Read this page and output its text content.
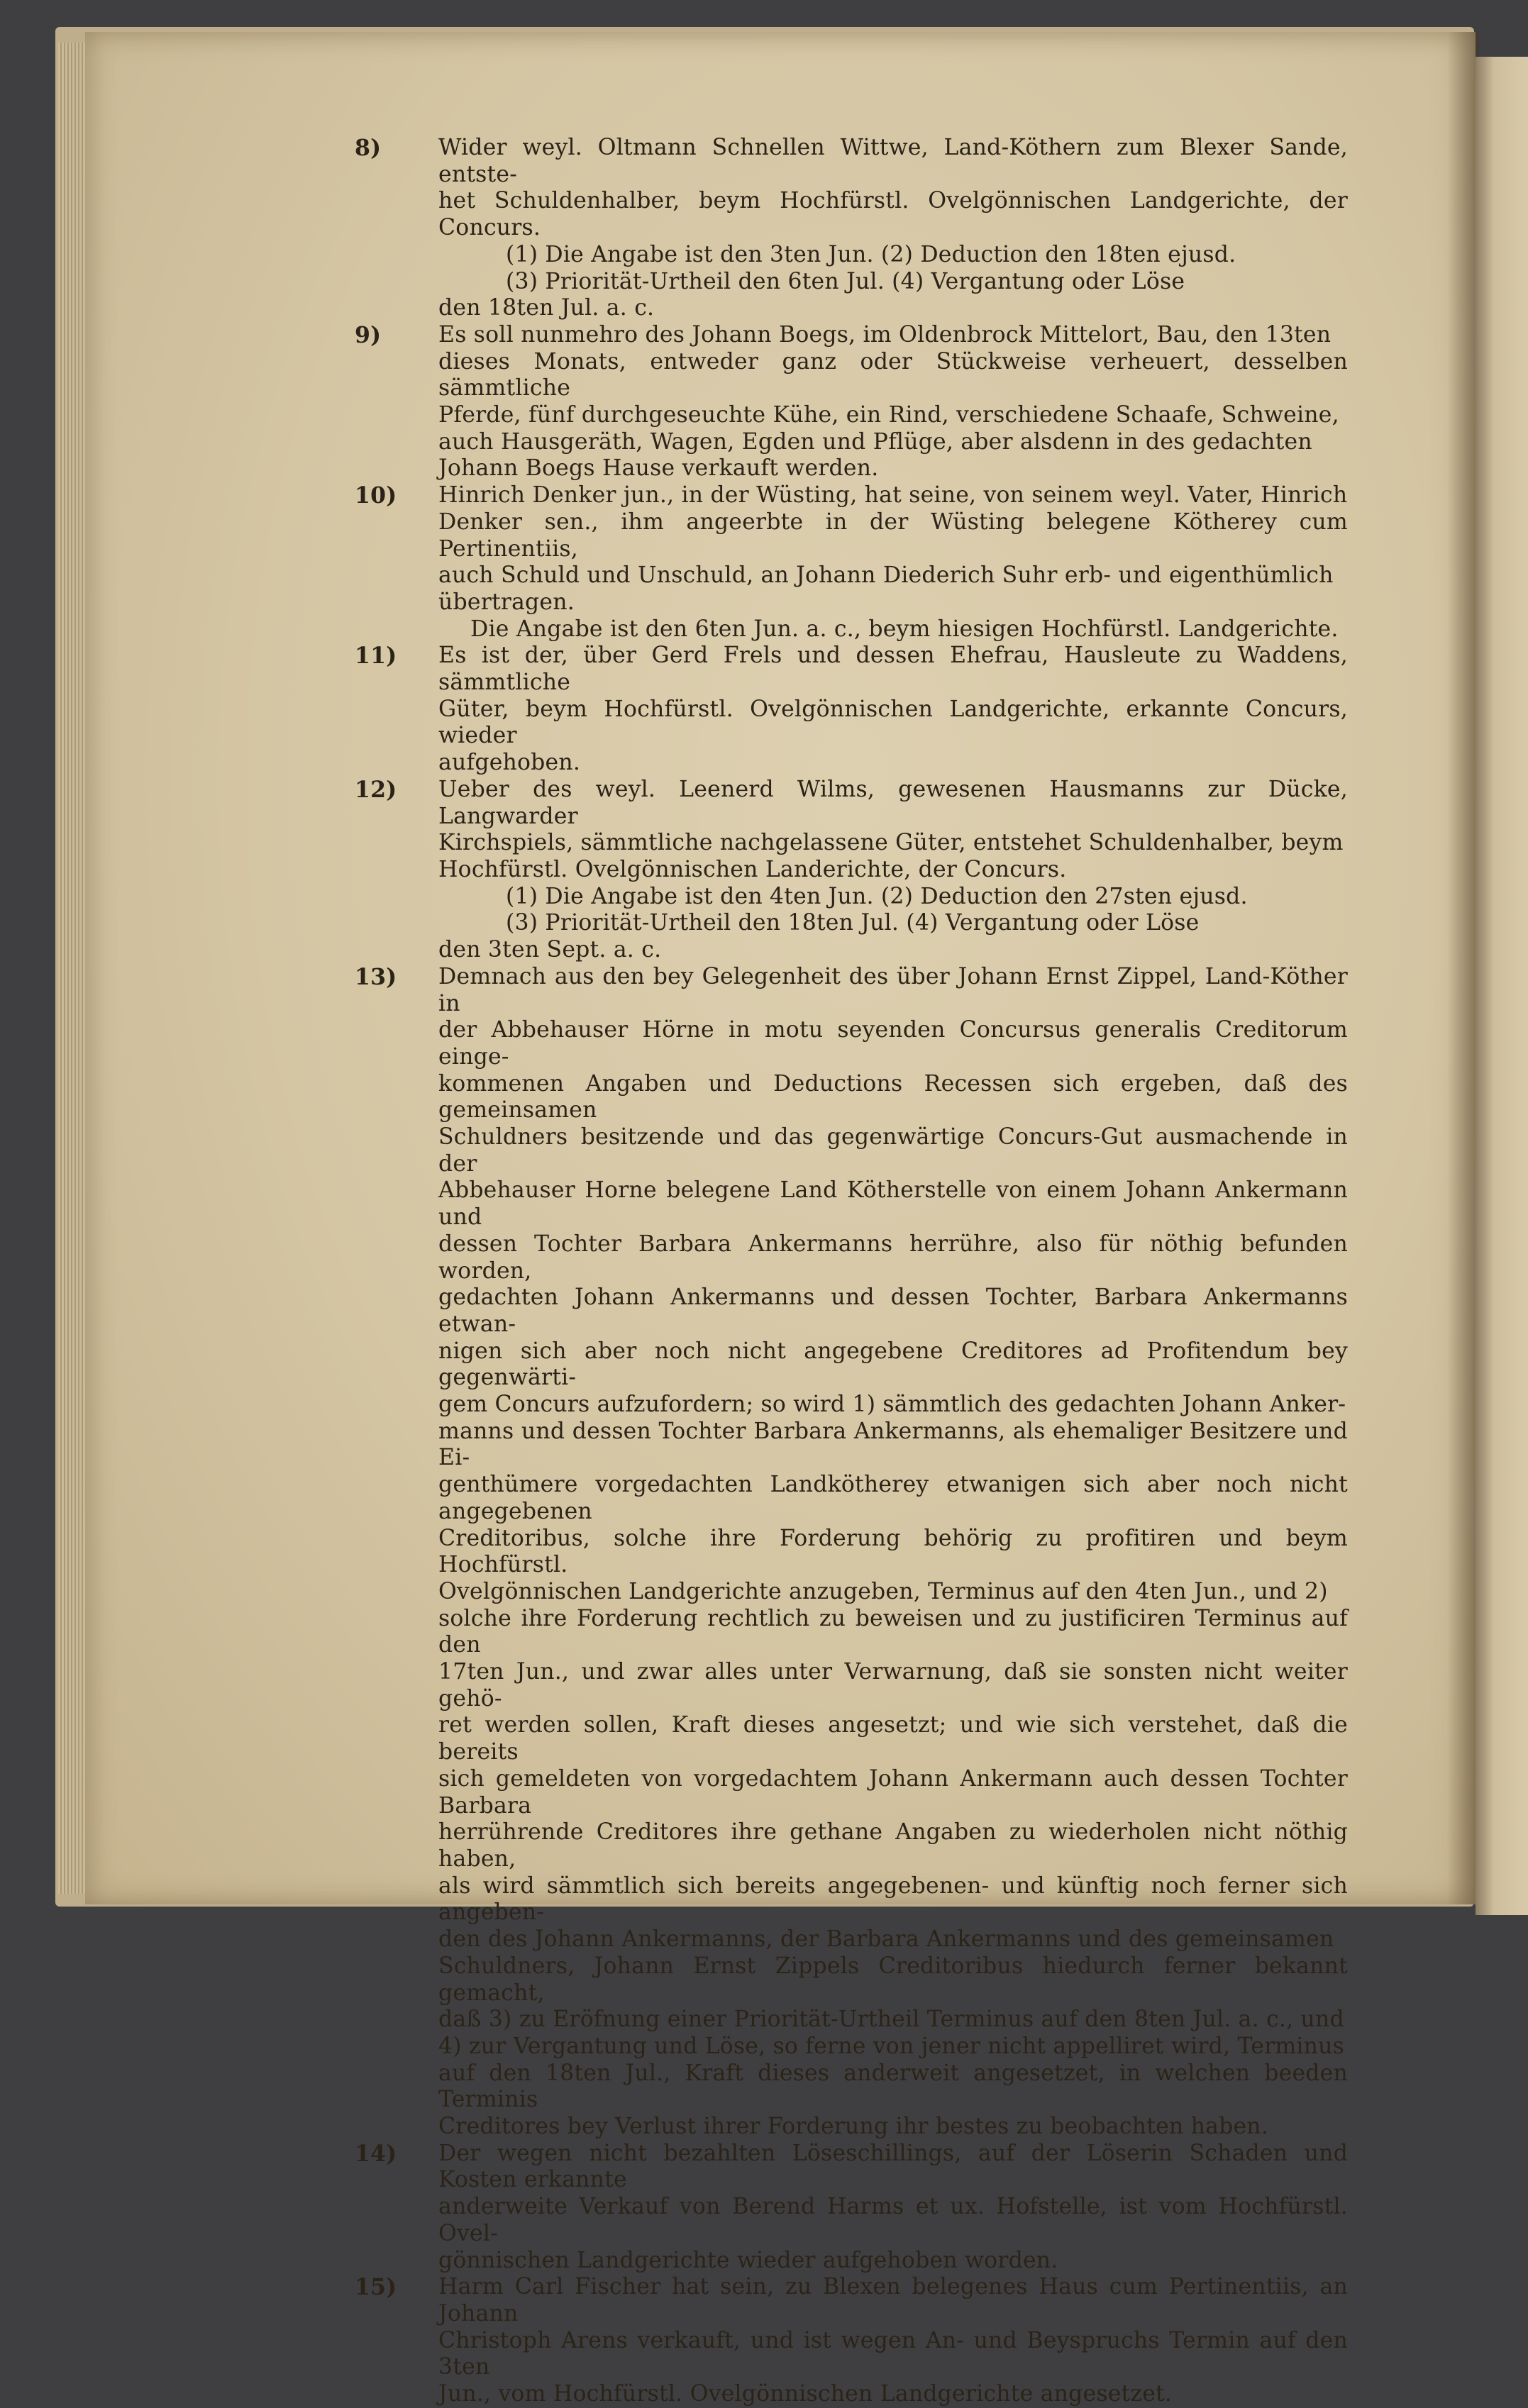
8)	Wider weyl. Oltmann Schnellen Wittwe, Land-Köthern zum Blexer Sande, entste-
het Schuldenhalber, beym Hochfürstl. Ovelgönnischen Landgerichte, der Concurs.
(1) Die Angabe ist den 3ten Jun. (2) Deduction den 18ten ejusd.
(3) Priorität-Urtheil den 6ten Jul. (4) Vergantung oder Löse
den 18ten Jul. a. c.
9)	Es soll nunmehro des Johann Boegs, im Oldenbrock Mittelort, Bau, den 13ten
dieses Monats, entweder ganz oder Stückweise verheuert, desselben sämmtliche
Pferde, fünf durchgeseuchte Kühe, ein Rind, verschiedene Schaafe, Schweine,
auch Hausgeräth, Wagen, Egden und Pflüge, aber alsdenn in des gedachten
Johann Boegs Hause verkauft werden.
10) Hinrich Denker jun., in der Wüsting, hat seine, von seinem weyl. Vater, Hinrich
Denker sen., ihm angeerbte in der Wüsting belegene Kötherey cum Pertinentiis,
auch Schuld und Unschuld, an Johann Diederich Suhr erb- und eigenthümlich
übertragen.
Die Angabe ist den 6ten Jun. a. c., beym hiesigen Hochfürstl. Landgerichte.
11) Es ist der, über Gerd Frels und dessen Ehefrau, Hausleute zu Waddens, sämmtliche
Güter, beym Hochfürstl. Ovelgönnischen Landgerichte, erkannte Concurs, wieder
aufgehoben.
12) Ueber des weyl. Leenerd Wilms, gewesenen Hausmanns zur Dücke, Langwarder
Kirchspiels, sämmtliche nachgelassene Güter, entstehet Schuldenhalber, beym
Hochfürstl. Ovelgönnischen Landerichte, der Concurs.
(1) Die Angabe ist den 4ten Jun. (2) Deduction den 27sten ejusd.
(3) Priorität-Urtheil den 18ten Jul. (4) Vergantung oder Löse
den 3ten Sept. a. c.
13) Demnach aus den bey Gelegenheit des über Johann Ernst Zippel, Land-Köther in
der Abbehauser Hörne in motu seyenden Concursus generalis Creditorum einge-
kommenen Angaben und Deductions Recessen sich ergeben, daß des gemeinsamen
Schuldners besitzende und das gegenwärtige Concurs-Gut ausmachende in der
Abbehauser Horne belegene Land Kötherstelle von einem Johann Ankermann und
dessen Tochter Barbara Ankermanns herrühre, also für nöthig befunden worden,
gedachten Johann Ankermanns und dessen Tochter, Barbara Ankermanns etwan-
nigen sich aber noch nicht angegebene Creditores ad Profitendum bey gegenwärti-
gem Concurs aufzufordern; so wird 1) sämmtlich des gedachten Johann Anker-
manns und dessen Tochter Barbara Ankermanns, als ehemaliger Besitzere und Ei-
genthümere vorgedachten Landkötherey etwanigen sich aber noch nicht angegebenen
Creditoribus, solche ihre Forderung behörig zu profitiren und beym Hochfürstl.
Ovelgönnischen Landgerichte anzugeben, Terminus auf den 4ten Jun., und 2)
solche ihre Forderung rechtlich zu beweisen und zu justificiren Terminus auf den
17ten Jun., und zwar alles unter Verwarnung, daß sie sonsten nicht weiter gehö-
ret werden sollen, Kraft dieses angesetzt; und wie sich verstehet, daß die bereits
sich gemeldeten von vorgedachtem Johann Ankermann auch dessen Tochter Barbara
herrührende Creditores ihre gethane Angaben zu wiederholen nicht nöthig haben,
als wird sämmtlich sich bereits angegebenen- und künftig noch ferner sich angeben-
den des Johann Ankermanns, der Barbara Ankermanns und des gemeinsamen
Schuldners, Johann Ernst Zippels Creditoribus hiedurch ferner bekannt gemacht,
daß 3) zu Eröfnung einer Priorität-Urtheil Terminus auf den 8ten Jul. a. c., und
4) zur Vergantung und Löse, so ferne von jener nicht appelliret wird, Terminus
auf den 18ten Jul., Kraft dieses anderweit angesetzet, in welchen beeden Terminis
Creditores bey Verlust ihrer Forderung ihr bestes zu beobachten haben.
14) Der wegen nicht bezahlten Löseschillings, auf der Löserin Schaden und Kosten erkannte
anderweite Verkauf von Berend Harms et ux. Hofstelle, ist vom Hochfürstl. Ovel-
gönnischen Landgerichte wieder aufgehoben worden.
15) Harm Carl Fischer hat sein, zu Blexen belegenes Haus cum Pertinentiis, an Johann
Christoph Arens verkauft, und ist wegen An- und Beyspruchs Termin auf den 3ten
Jun., vom Hochfürstl. Ovelgönnischen Landgerichte angesetzet.
